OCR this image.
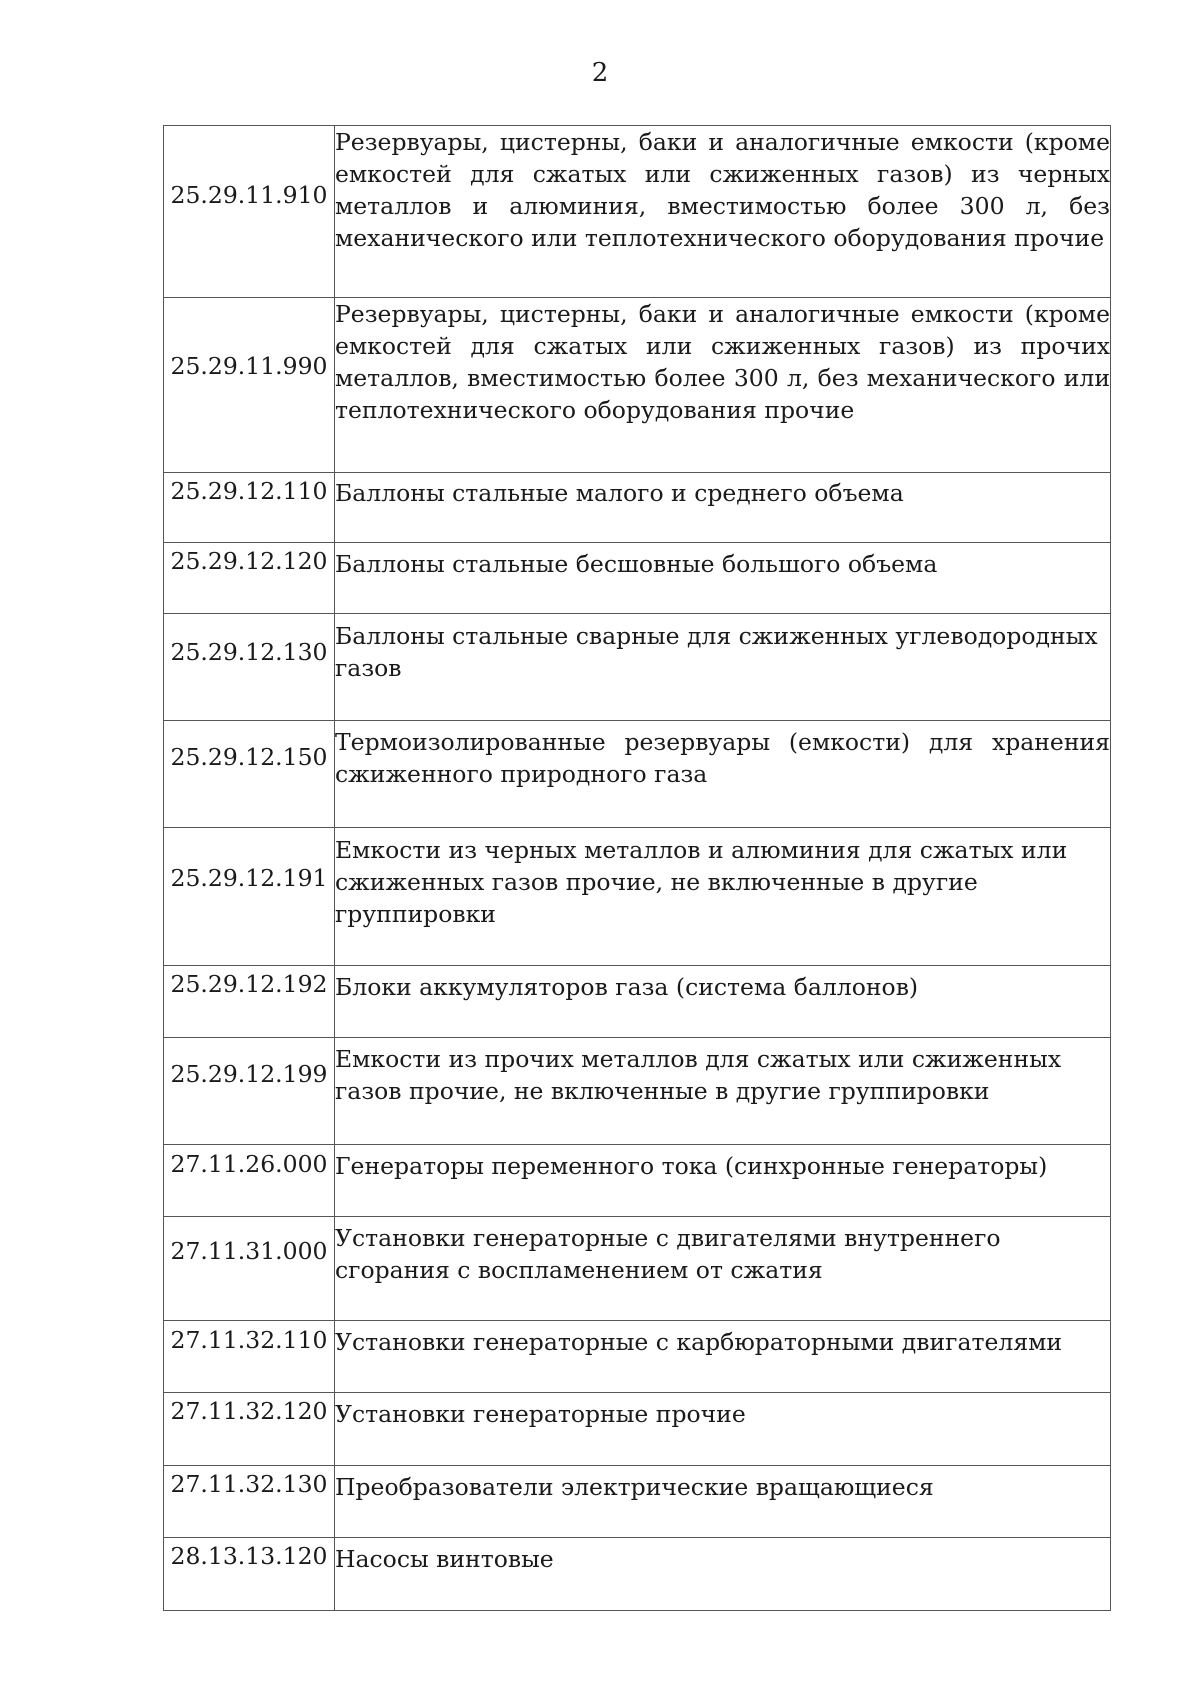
2
25.29.11.910	Резервуары, цистерны, баки и аналогичные емкости (кроме емкостей для сжатых или сжиженных газов) из черных металлов и алюминия, вместимостью более 300 л, без механического или теплотехнического оборудования прочие
25.29.11.990	Резервуары, цистерны, баки и аналогичные емкости (кроме емкостей для сжатых или сжиженных газов) из прочих металлов, вместимостью более 300 л, без механического или теплотехнического оборудования прочие
25.29.12.110	Баллоны стальные малого и среднего объема
25.29.12.120	Баллоны стальные бесшовные большого объема
25.29.12.130	Баллоны стальные сварные для сжиженных углеводородных газов
25.29.12.150	Термоизолированные резервуары (емкости) для хранения сжиженного природного газа
25.29.12.191	Емкости из черных металлов и алюминия для сжатых или сжиженных газов прочие, не включенные в другие группировки
25.29.12.192	Блоки аккумуляторов газа (система баллонов)
25.29.12.199	Емкости из прочих металлов для сжатых или сжиженных газов прочие, не включенные в другие группировки
27.11.26.000	Генераторы переменного тока (синхронные генераторы)
27.11.31.000	Установки генераторные с двигателями внутреннего сгорания с воспламенением от сжатия
27.11.32.110	Установки генераторные с карбюраторными двигателями
27.11.32.120	Установки генераторные прочие
27.11.32.130	Преобразователи электрические вращающиеся
28.13.13.120	Насосы винтовые
